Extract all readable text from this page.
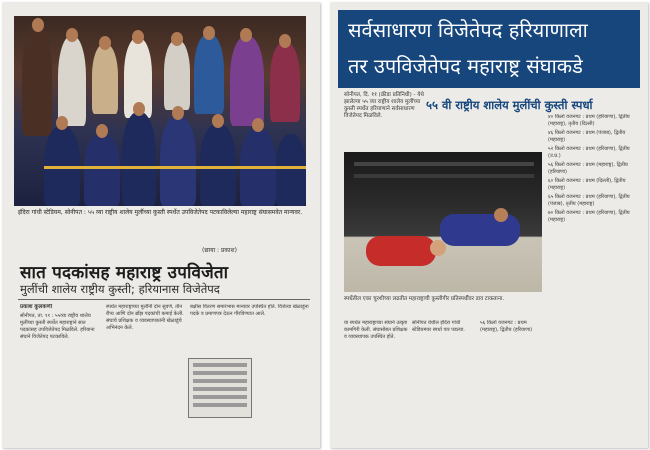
इंदिरा गांधी स्टेडियम, सोनीपत : ५५ व्या राष्ट्रीय शालेय मुलींच्या कुस्ती स्पर्धेत उपविजेतेपद पटकाविलेल्या महाराष्ट्र संघासमवेत मान्यवर.
(छाया : प्रकाश)
सात पदकांसह महाराष्ट्र उपविजेता
मुलींची शालेय राष्ट्रीय कुस्ती; हरियानास विजेतेपद

प्रकाश कुलकर्णी

सोनीपत, ता. ११ : ५५व्या राष्ट्रीय शालेय मुलींच्या कुस्ती स्पर्धेत महाराष्ट्राने सात पदकांसह उपविजेतेपद मिळविले. हरियाना संघाने विजेतेपद पटकाविले.

स्पर्धेत महाराष्ट्राच्या मुलींनी दोन सुवर्ण, तीन रौप्य आणि दोन ब्रॉंझ पदकांची कमाई केली. संघाचे प्रशिक्षक व व्यवस्थापकांनी खेळाडूंचे अभिनंदन केले.

बक्षीस वितरण समारंभास मान्यवर उपस्थित होते. विजेत्या खेळाडूंना पदके व प्रमाणपत्र देऊन गौरविण्यात आले.

सर्वसाधारण विजेतेपद हरियाणाला
तर उपविजेतेपद महाराष्ट्र संघाकडे
५५ वी राष्ट्रीय शालेय मुलींची कुस्ती स्पर्धा
सोनीपत, दि. ११ (क्रीडा प्रतिनिधी) - येथे झालेल्या ५५ व्या राष्ट्रीय शालेय मुलींच्या कुस्ती स्पर्धेत हरियाणाने सर्वसाधारण विजेतेपद मिळविले.
स्पर्धेतील एका चुरशीच्या लढतीत महाराष्ट्राची कुस्तीगीर प्रतिस्पर्धीवर डाव टाकताना.

४० किलो वजनगट : प्रथम (हरियाणा), द्वितीय (महाराष्ट्र), तृतीय (दिल्ली)

४६ किलो वजनगट : प्रथम (पंजाब), द्वितीय (महाराष्ट्र)

५२ किलो वजनगट : प्रथम (हरियाणा), द्वितीय (उ.प्र.)

५६ किलो वजनगट : प्रथम (महाराष्ट्र), द्वितीय (हरियाणा)

६० किलो वजनगट : प्रथम (दिल्ली), द्वितीय (महाराष्ट्र)

६५ किलो वजनगट : प्रथम (हरियाणा), द्वितीय (पंजाब), तृतीय (महाराष्ट्र)

७० किलो वजनगट : प्रथम (हरियाणा), द्वितीय (महाराष्ट्र)

या स्पर्धेत महाराष्ट्राच्या संघाने उत्कृष्ट कामगिरी केली. संघासोबत प्रशिक्षक व व्यवस्थापक उपस्थित होते.

सोनीपत येथील इंदिरा गांधी स्टेडियमवर स्पर्धा पार पडल्या.

५६ किलो वजनगट : प्रथम (महाराष्ट्र), द्वितीय (हरियाणा)
